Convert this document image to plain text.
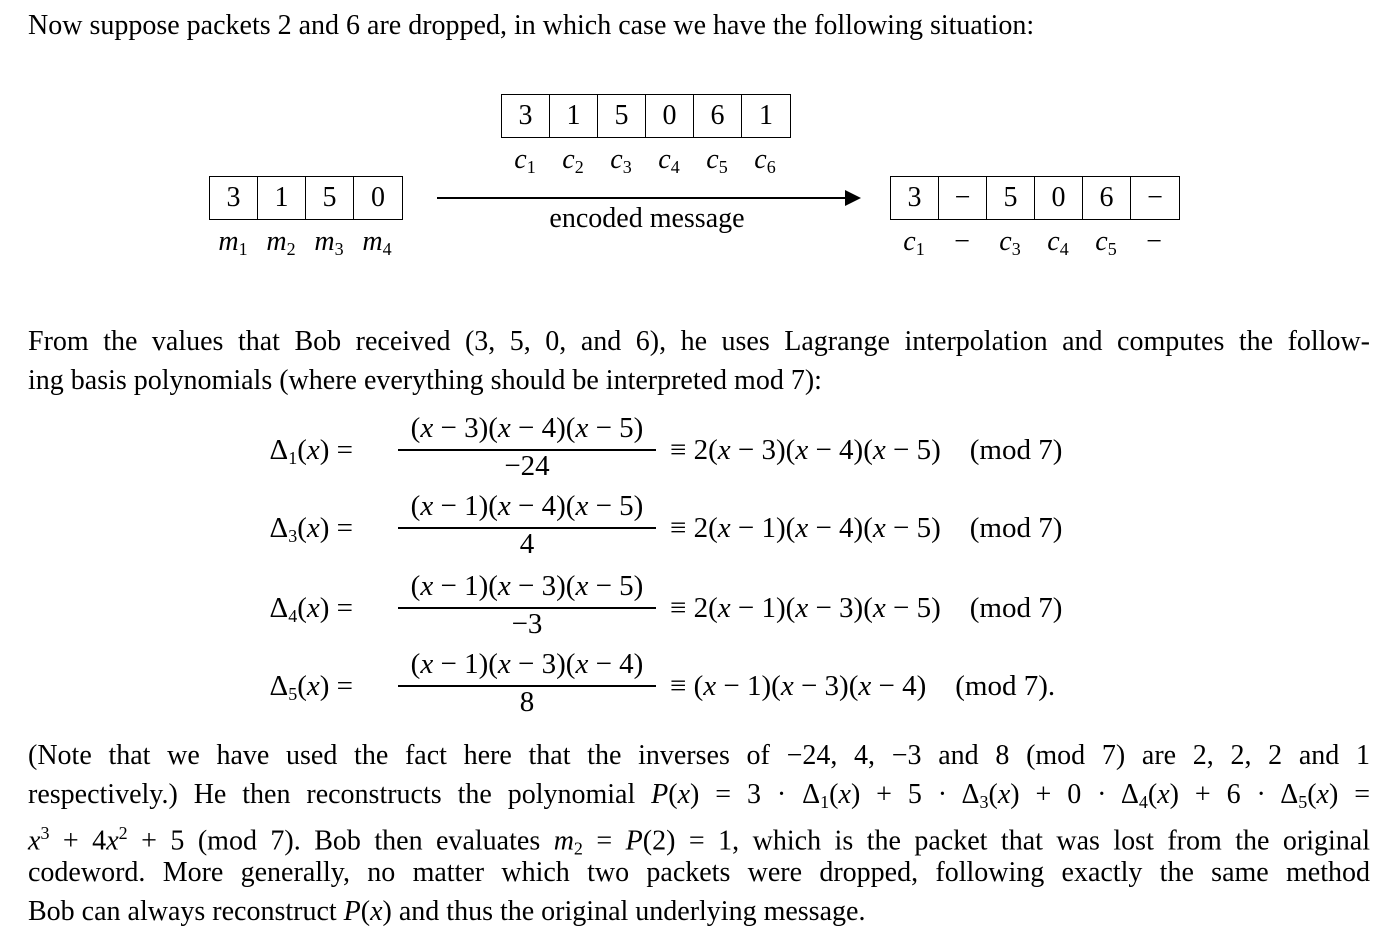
Now suppose packets 2 and 6 are dropped, in which case we have the following situation:

3	1	5	0	6	1
$c_1$ $c_2$ $c_3$ $c_4$ $c_5$ $c_6$
3	1	5	0
$m_1$ $m_2$ $m_3$ $m_4$
encoded message
3	−	5	0	6	−
$c_1 - c_3$ $c_4$ $c_5$ −

From the values that Bob received (3, 5, 0, and 6), he uses Lagrange interpolation and computes the follow-

ing basis polynomials (where everything should be interpreted mod 7):

$\Delta_1(x)$ =
(x − 3)(x − 4)(x − 5)
−24	≡ 2(x − 3)(x − 4)(x − 5)    (mod 7)
$\Delta_3(x)$ =
(x − 1)(x − 4)(x − 5)
4	≡ 2(x − 1)(x − 4)(x − 5)    (mod 7)
$\Delta_4(x)$ =
(x − 1)(x − 3)(x − 5)
−3	≡ 2(x − 1)(x − 3)(x − 5)    (mod 7)
$\Delta_5(x)$ =
(x − 1)(x − 3)(x − 4)
8	≡ (x − 1)(x − 3)(x − 4)    (mod 7).

(Note that we have used the fact here that the inverses of −24, 4, −3 and 8 (mod 7) are 2, 2, 2 and 1

respectively.) He then reconstructs the polynomial $P(x) = 3 \cdot \Delta_1(x) + 5 \cdot \Delta_3(x) + 0 \cdot \Delta_4(x) + 6 \cdot \Delta_5(x)$ =

$x^3 + 4x^2 + 5$ (mod 7). Bob then evaluates $m_2 = P(2) = 1$, which is the packet that was lost from the original

codeword. More generally, no matter which two packets were dropped, following exactly the same method

Bob can always reconstruct P(x) and thus the original underlying message.
